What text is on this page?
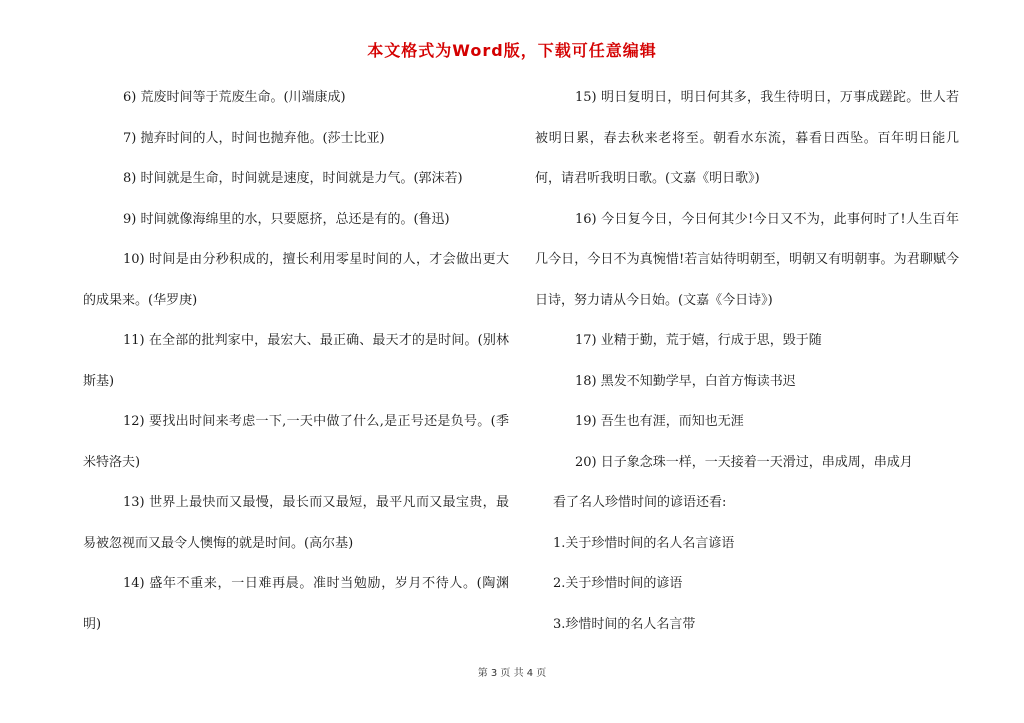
本文格式为Word版，下载可任意编辑

6) 荒废时间等于荒废生命。(川端康成)

7) 抛弃时间的人，时间也抛弃他。(莎士比亚)

8) 时间就是生命，时间就是速度，时间就是力气。(郭沫若)

9) 时间就像海绵里的水，只要愿挤，总还是有的。(鲁迅)

10) 时间是由分秒积成的，擅长利用零星时间的人，才会做出更大的成果来。(华罗庚)

11) 在全部的批判家中，最宏大、最正确、最天才的是时间。(别林斯基)

12) 要找出时间来考虑一下,一天中做了什么,是正号还是负号。(季米特洛夫)

13) 世界上最快而又最慢，最长而又最短，最平凡而又最宝贵，最易被忽视而又最令人懊悔的就是时间。(高尔基)

14) 盛年不重来，一日难再晨。准时当勉励，岁月不待人。(陶渊明)

15) 明日复明日，明日何其多，我生待明日，万事成蹉跎。世人若被明日累，春去秋来老将至。朝看水东流，暮看日西坠。百年明日能几何，请君听我明日歌。(文嘉《明日歌》)

16) 今日复今日，今日何其少!今日又不为，此事何时了!人生百年几今日，今日不为真惋惜!若言姑待明朝至，明朝又有明朝事。为君聊赋今日诗，努力请从今日始。(文嘉《今日诗》)

17) 业精于勤，荒于嬉，行成于思，毁于随

18) 黑发不知勤学早，白首方悔读书迟

19) 吾生也有涯，而知也无涯

20) 日子象念珠一样，一天接着一天滑过，串成周，串成月

看了名人珍惜时间的谚语还看:

1.关于珍惜时间的名人名言谚语

2.关于珍惜时间的谚语

3.珍惜时间的名人名言带

第 3 页 共 4 页
